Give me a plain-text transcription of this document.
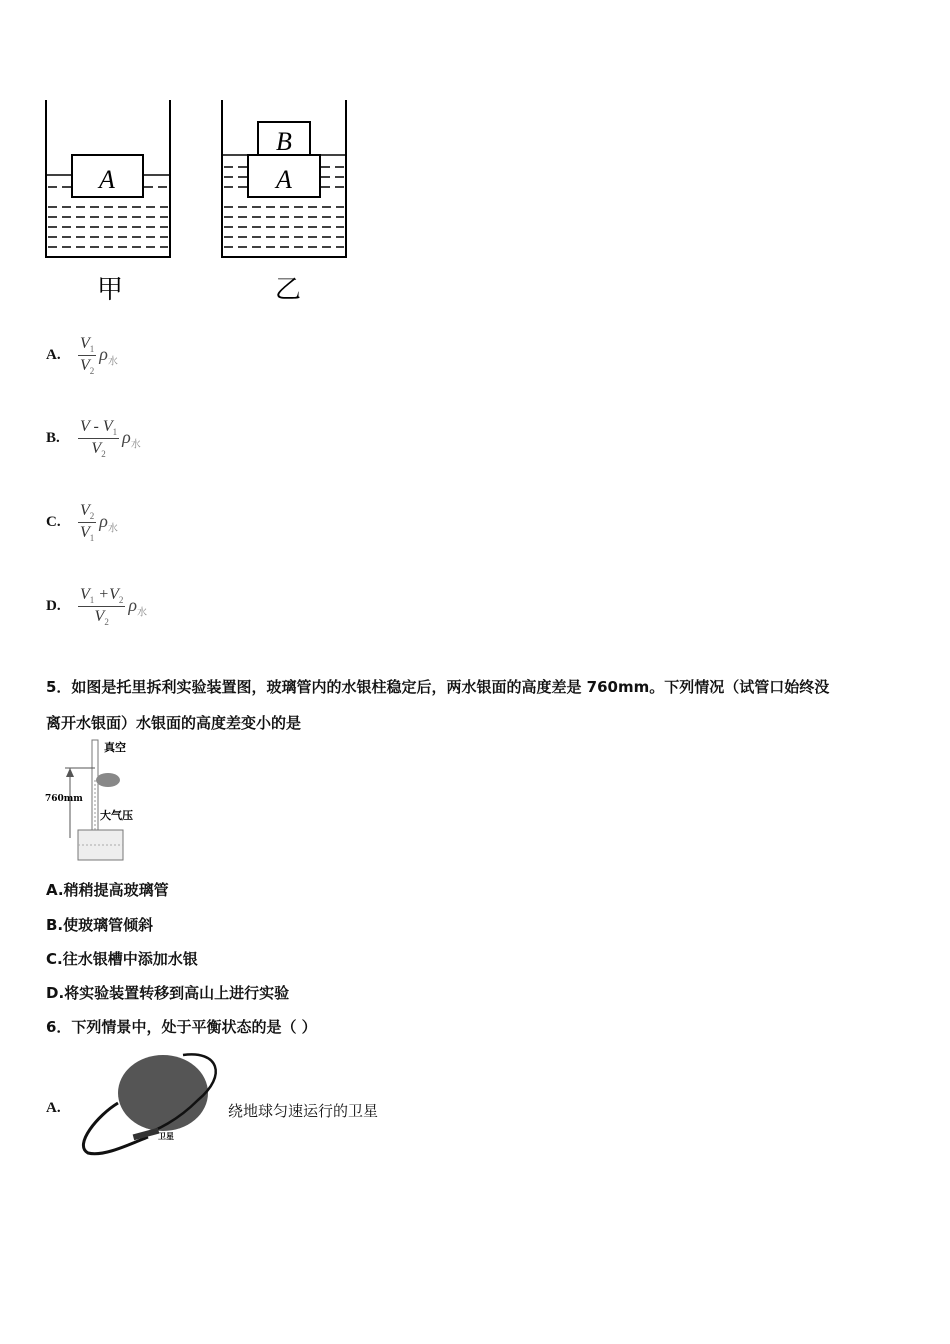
A	A
B
甲	乙
A.	$\frac{V_1}{V_2} \rho_水$
B.	$\frac{V - V_1}{V_2} \rho_水$
C.	$\frac{V_2}{V_1} \rho_水$
D.	$\frac{V_1 +V_2}{V_2} \rho_水$
5．如图是托里拆利实验装置图，玻璃管内的水银柱稳定后，两水银面的高度差是 760mm。下列情况（试管口始终没
离开水银面）水银面的高度差变小的是
真空
760mm
大气压
A.稍稍提高玻璃管
B.使玻璃管倾斜
C.往水银槽中添加水银
D.将实验装置转移到高山上进行实验
6．下列情景中，处于平衡状态的是（ ）
A.
卫星
绕地球匀速运行的卫星
